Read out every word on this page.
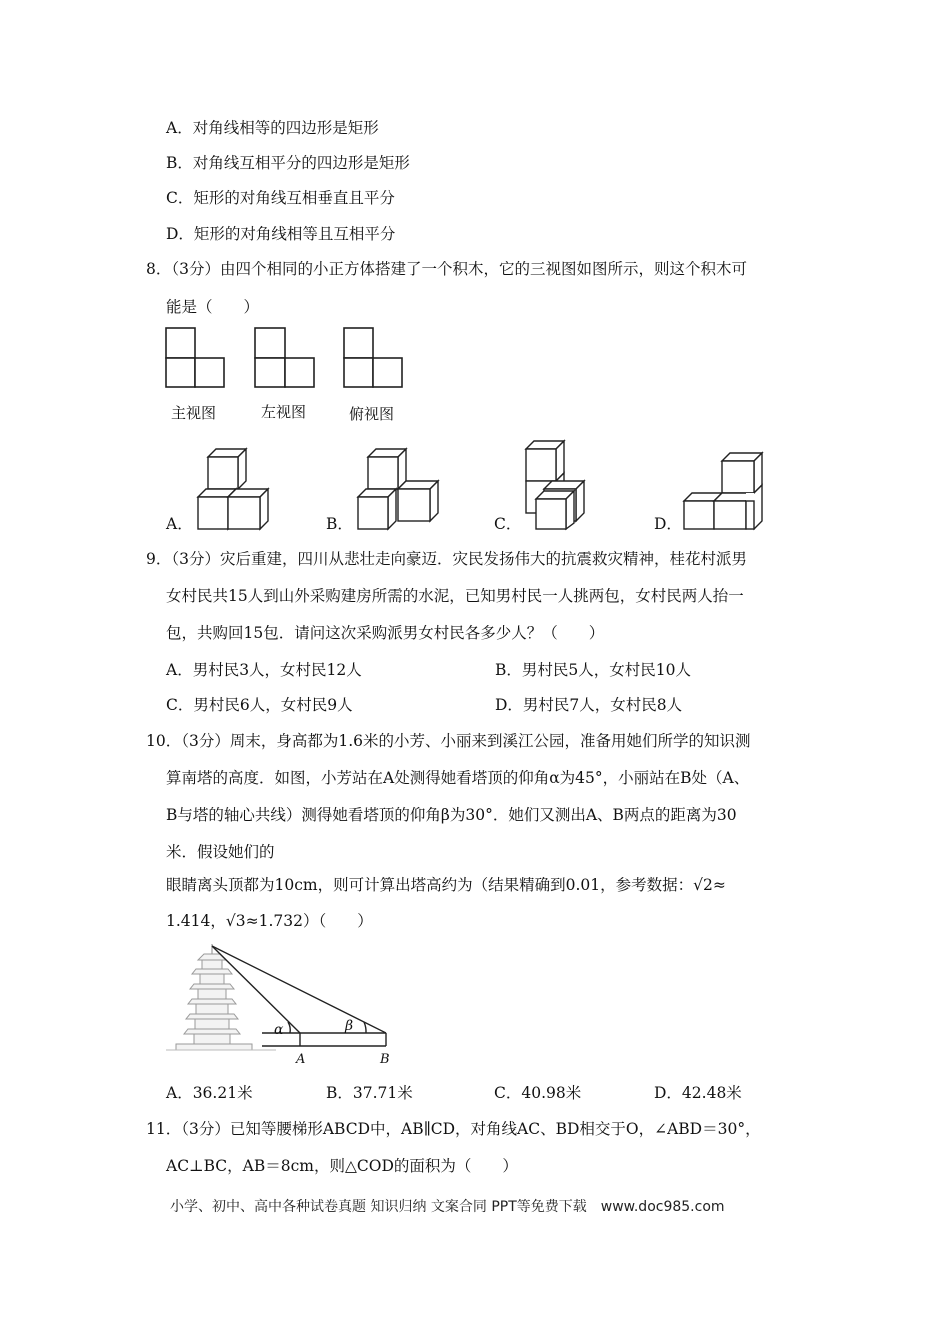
A．对角线相等的四边形是矩形
B．对角线互相平分的四边形是矩形
C．矩形的对角线互相垂直且平分
D．矩形的对角线相等且互相平分
8．（3分）由四个相同的小正方体搭建了一个积木，它的三视图如图所示，则这个积木可
能是（　　）
主视图	左视图	俯视图
A．	B．	C．	D．
9．（3分）灾后重建，四川从悲壮走向豪迈．灾民发扬伟大的抗震救灾精神，桂花村派男
女村民共15人到山外采购建房所需的水泥，已知男村民一人挑两包，女村民两人抬一
包，共购回15包．请问这次采购派男女村民各多少人？（　　）
A．男村民3人，女村民12人	B．男村民5人，女村民10人
C．男村民6人，女村民9人	D．男村民7人，女村民8人
10．（3分）周末，身高都为1.6米的小芳、小丽来到溪江公园，准备用她们所学的知识测
算南塔的高度．如图，小芳站在A处测得她看塔顶的仰角α为45°，小丽站在B处（A、
B与塔的轴心共线）测得她看塔顶的仰角β为30°．她们又测出A、B两点的距离为30
米．假设她们的
眼睛离头顶都为10cm，则可计算出塔高约为（结果精确到0.01，参考数据：√2≈
1.414，√3≈1.732）（　　）
α	β
A	B
A．36.21米	B．37.71米	C．40.98米	D．42.48米
11．（3分）已知等腰梯形ABCD中，AB∥CD，对角线AC、BD相交于O，∠ABD＝30°，
AC⊥BC，AB＝8cm，则△COD的面积为（　　）
小学、初中、高中各种试卷真题 知识归纳 文案合同 PPT等免费下载　www.doc985.com
